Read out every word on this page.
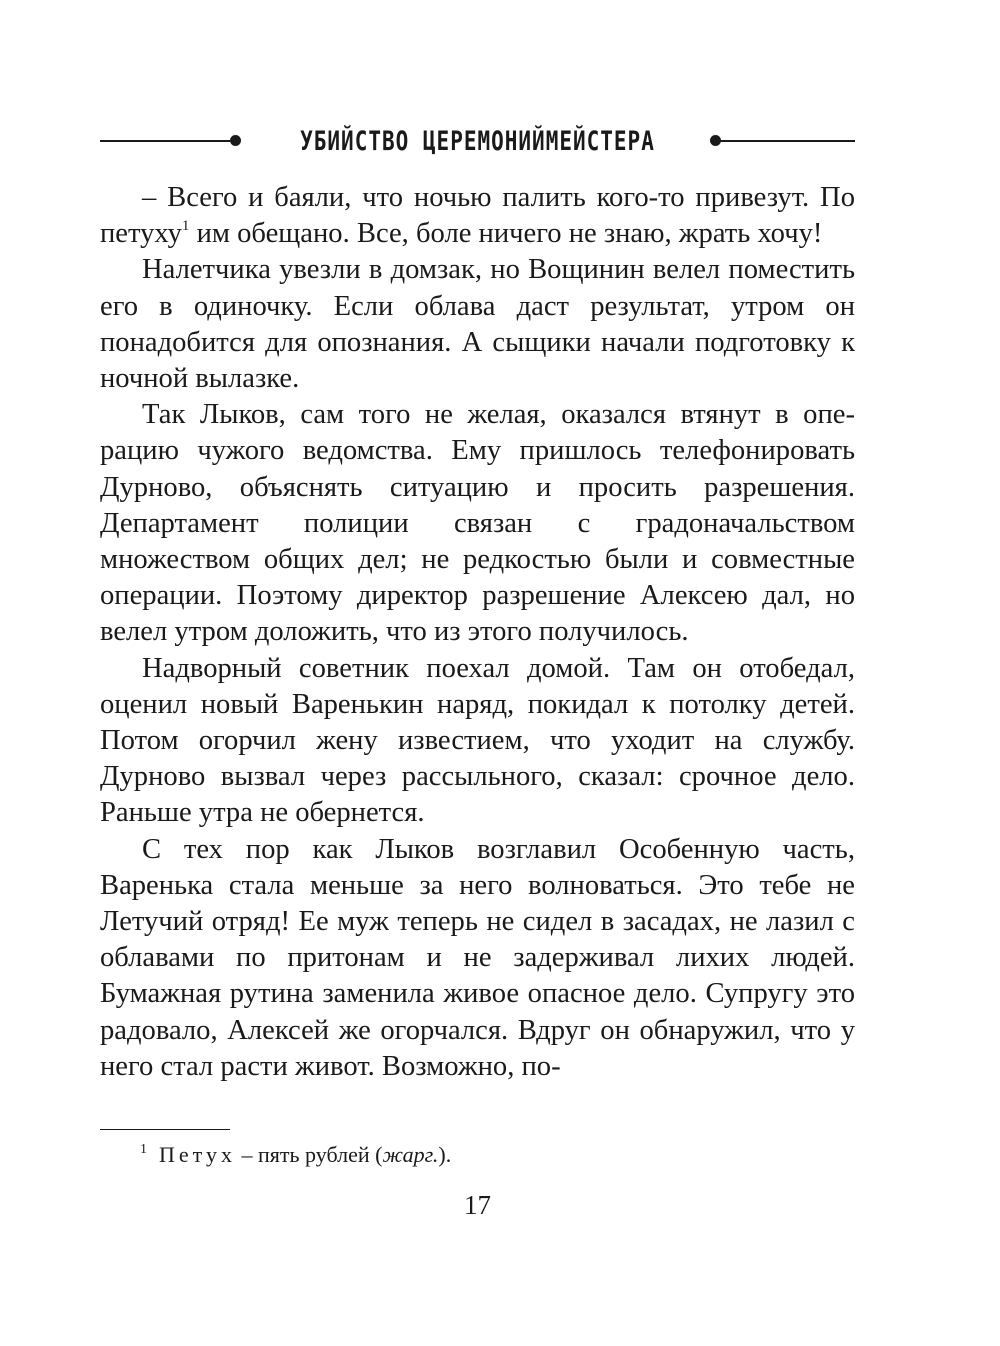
УБИЙСТВО ЦЕРЕМОНИЙМЕЙСТЕРА

– Всего и баяли, что ночью палить кого-то привезут. По петуху$^1$ им обещано. Все, боле ничего не знаю, жрать хочу!

Налетчика увезли в домзак, но Вощинин велел поместить его в одиночку. Если облава даст результат, утром он понадобится для опознания. А сыщики начали подготовку к ночной вылазке.

Так Лыков, сам того не желая, оказался втянут в операцию чужого ведомства. Ему пришлось телефонировать Дурново, объяснять ситуацию и просить разрешения. Департамент полиции связан с градоначальством множеством общих дел; не редкостью были и совместные операции. Поэтому директор разрешение Алексею дал, но велел утром доложить, что из этого получилось.

Надворный советник поехал домой. Там он отобедал, оценил новый Варенькин наряд, покидал к потолку детей. Потом огорчил жену известием, что уходит на службу. Дурново вызвал через рассыльного, сказал: срочное дело. Раньше утра не обернется.

С тех пор как Лыков возглавил Особенную часть, Варенька стала меньше за него волноваться. Это тебе не Летучий отряд! Ее муж теперь не сидел в засадах, не лазил с облавами по притонам и не задерживал лихих людей. Бумажная рутина заменила живое опасное дело. Супругу это радовало, Алексей же огорчался. Вдруг он обнаружил, что у него стал расти живот. Возможно, по-

$^1$ Петух – пять рублей (жарг.).
17
